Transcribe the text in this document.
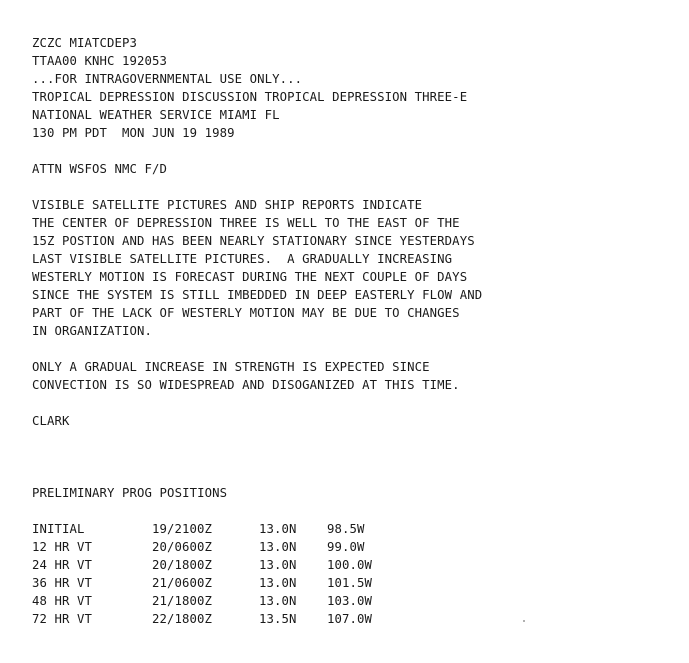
ZCZC MIATCDEP3
TTAA00 KNHC 192053
...FOR INTRAGOVERNMENTAL USE ONLY...
TROPICAL DEPRESSION DISCUSSION TROPICAL DEPRESSION THREE-E
NATIONAL WEATHER SERVICE MIAMI FL
130 PM PDT  MON JUN 19 1989
ATTN WSFOS NMC F/D
VISIBLE SATELLITE PICTURES AND SHIP REPORTS INDICATE
THE CENTER OF DEPRESSION THREE IS WELL TO THE EAST OF THE
15Z POSTION AND HAS BEEN NEARLY STATIONARY SINCE YESTERDAYS
LAST VISIBLE SATELLITE PICTURES.  A GRADUALLY INCREASING
WESTERLY MOTION IS FORECAST DURING THE NEXT COUPLE OF DAYS
SINCE THE SYSTEM IS STILL IMBEDDED IN DEEP EASTERLY FLOW AND
PART OF THE LACK OF WESTERLY MOTION MAY BE DUE TO CHANGES
IN ORGANIZATION.
ONLY A GRADUAL INCREASE IN STRENGTH IS EXPECTED SINCE
CONVECTION IS SO WIDESPREAD AND DISOGANIZED AT THIS TIME.
CLARK
PRELIMINARY PROG POSITIONS
INITIAL	19/2100Z	13.0N	98.5W
12 HR VT	20/0600Z	13.0N	99.0W
24 HR VT	20/1800Z	13.0N	100.0W
36 HR VT	21/0600Z	13.0N	101.5W
48 HR VT	21/1800Z	13.0N	103.0W
72 HR VT	22/1800Z	13.5N	107.0W
